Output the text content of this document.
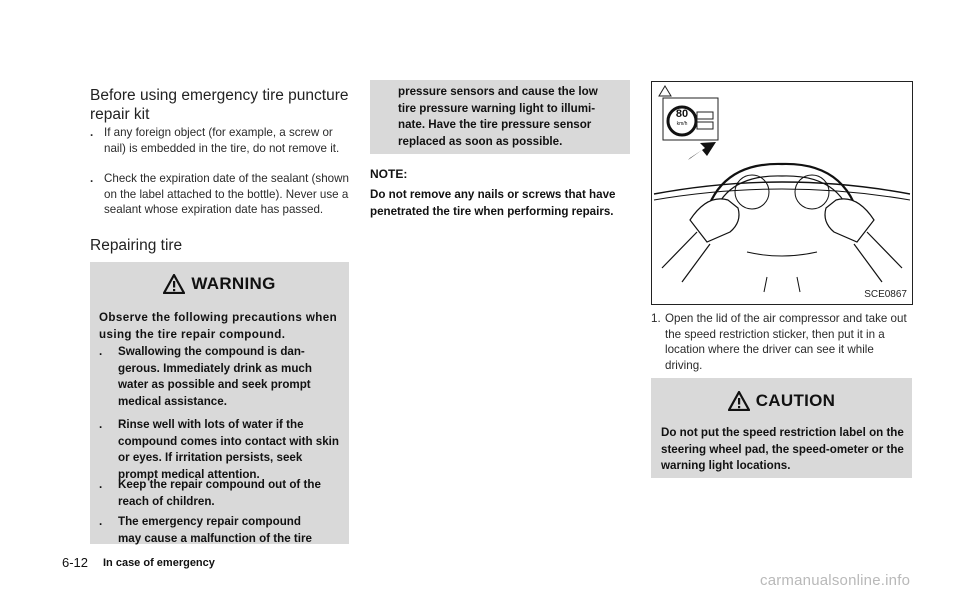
Before using emergency tire puncture repair kit
. If any foreign object (for example, a screw or nail) is embedded in the tire, do not remove it.
. Check the expiration date of the sealant (shown on the label attached to the bottle). Never use a sealant whose expiration date has passed.
Repairing tire
WARNING
Observe the following precautions when using the tire repair compound.
. Swallowing the compound is dan-
gerous. Immediately drink as much
water as possible and seek prompt
medical assistance.
.	Rinse well with lots of water if the compound comes into contact with skin or eyes. If irritation persists, seek prompt medical attention.
.	Keep the repair compound out of the reach of children.
. The emergency repair compound
may cause a malfunction of the tire
pressure sensors and cause the low
tire pressure warning light to illumi-
nate. Have the tire pressure sensor
replaced as soon as possible.
NOTE:
Do not remove any nails or screws that have penetrated the tire when performing repairs.
80
km/h
SCE0867
1. Open the lid of the air compressor and take out the speed restriction sticker, then put it in a location where the driver can see it while driving.
CAUTION
Do not put the speed restriction label on the steering wheel pad, the speed-ometer or the warning light locations.
6-12 In case of emergency
carmanualsonline.info
